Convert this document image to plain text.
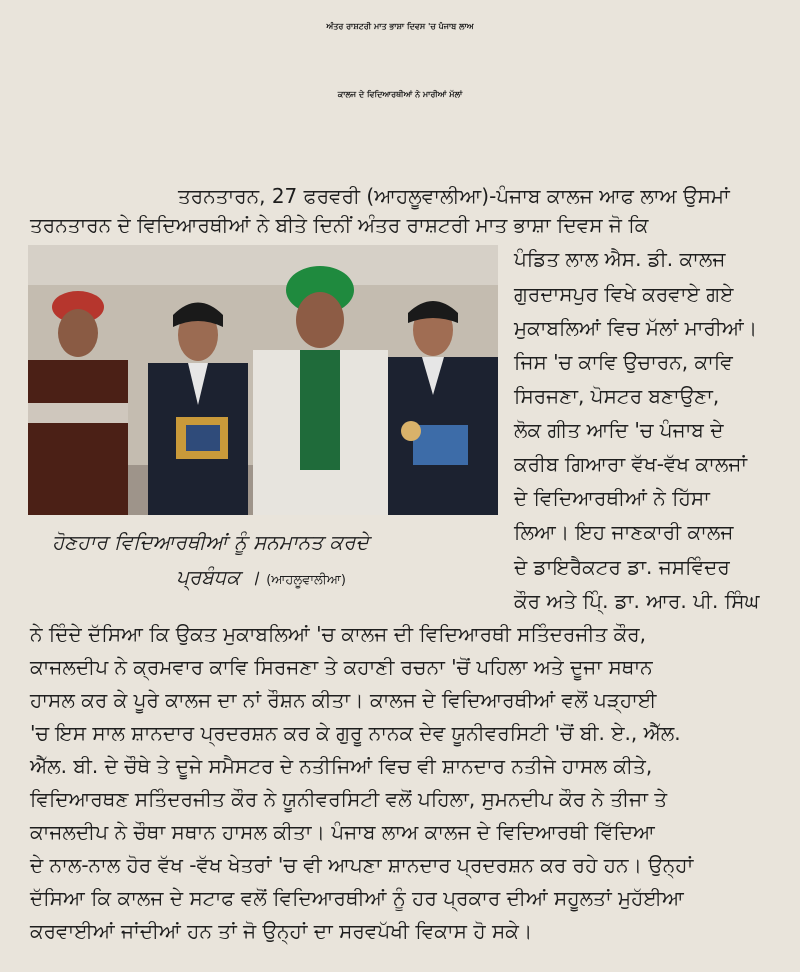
ਅੰਤਰ ਰਾਸ਼ਟਰੀ ਮਾਤ ਭਾਸ਼ਾ ਦਿਵਸ 'ਚ ਪੰਜਾਬ ਲਾਅ
ਕਾਲਜ ਦੇ ਵਿਦਿਆਰਥੀਆਂ ਨੇ ਮਾਰੀਆਂ ਮੱਲਾਂ
ਤਰਨਤਾਰਨ, 27 ਫਰਵਰੀ (ਆਹਲੂਵਾਲੀਆ)-ਪੰਜਾਬ ਕਾਲਜ ਆਫ ਲਾਅ ਉਸਮਾਂ
ਤਰਨਤਾਰਨ ਦੇ ਵਿਦਿਆਰਥੀਆਂ ਨੇ ਬੀਤੇ ਦਿਨੀਂ ਅੰਤਰ ਰਾਸ਼ਟਰੀ ਮਾਤ ਭਾਸ਼ਾ ਦਿਵਸ ਜੋ ਕਿ
ਪੰਡਿਤ ਲਾਲ ਐਸ. ਡੀ. ਕਾਲਜ
ਗੁਰਦਾਸਪੁਰ ਵਿਖੇ ਕਰਵਾਏ ਗਏ
ਮੁਕਾਬਲਿਆਂ ਵਿਚ ਮੱਲਾਂ ਮਾਰੀਆਂ।
ਜਿਸ 'ਚ ਕਾਵਿ ਉਚਾਰਨ, ਕਾਵਿ
ਸਿਰਜਣਾ, ਪੋਸਟਰ ਬਣਾਉਣਾ,
ਲੋਕ ਗੀਤ ਆਦਿ 'ਚ ਪੰਜਾਬ ਦੇ
ਕਰੀਬ ਗਿਆਰਾ ਵੱਖ-ਵੱਖ ਕਾਲਜਾਂ
ਦੇ ਵਿਦਿਆਰਥੀਆਂ ਨੇ ਹਿੱਸਾ
ਲਿਆ। ਇਹ ਜਾਣਕਾਰੀ ਕਾਲਜ
ਦੇ ਡਾਇਰੈਕਟਰ ਡਾ. ਜਸਵਿੰਦਰ
ਕੌਰ ਅਤੇ ਪਿ੍ੰ. ਡਾ. ਆਰ. ਪੀ. ਸਿੰਘ
ਹੋਣਹਾਰ ਵਿਦਿਆਰਥੀਆਂ ਨੂੰ ਸਨਮਾਨਤ ਕਰਦੇ
ਪ੍ਰਬੰਧਕ । (ਆਹਲੂਵਾਲੀਆ)
ਨੇ ਦਿੰਦੇ ਦੱਸਿਆ ਕਿ ਉਕਤ ਮੁਕਾਬਲਿਆਂ 'ਚ ਕਾਲਜ ਦੀ ਵਿਦਿਆਰਥੀ ਸਤਿੰਦਰਜੀਤ ਕੌਰ,
ਕਾਜਲਦੀਪ ਨੇ ਕ੍ਰਮਵਾਰ ਕਾਵਿ ਸਿਰਜਣਾ ਤੇ ਕਹਾਣੀ ਰਚਨਾ 'ਚੋਂ ਪਹਿਲਾ ਅਤੇ ਦੂਜਾ ਸਥਾਨ
ਹਾਸਲ ਕਰ ਕੇ ਪੂਰੇ ਕਾਲਜ ਦਾ ਨਾਂ ਰੌਸ਼ਨ ਕੀਤਾ। ਕਾਲਜ ਦੇ ਵਿਦਿਆਰਥੀਆਂ ਵਲੋਂ ਪੜ੍ਹਾਈ
'ਚ ਇਸ ਸਾਲ ਸ਼ਾਨਦਾਰ ਪ੍ਰਦਰਸ਼ਨ ਕਰ ਕੇ ਗੁਰੂ ਨਾਨਕ ਦੇਵ ਯੂਨੀਵਰਸਿਟੀ 'ਚੋਂ ਬੀ. ਏ., ਐੱਲ.
ਐੱਲ. ਬੀ. ਦੇ ਚੌਥੇ ਤੇ ਦੂਜੇ ਸਮੈਸਟਰ ਦੇ ਨਤੀਜਿਆਂ ਵਿਚ ਵੀ ਸ਼ਾਨਦਾਰ ਨਤੀਜੇ ਹਾਸਲ ਕੀਤੇ,
ਵਿਦਿਆਰਥਣ ਸਤਿੰਦਰਜੀਤ ਕੌਰ ਨੇ ਯੂਨੀਵਰਸਿਟੀ ਵਲੋਂ ਪਹਿਲਾ, ਸੁਮਨਦੀਪ ਕੌਰ ਨੇ ਤੀਜਾ ਤੇ
ਕਾਜਲਦੀਪ ਨੇ ਚੌਥਾ ਸਥਾਨ ਹਾਸਲ ਕੀਤਾ। ਪੰਜਾਬ ਲਾਅ ਕਾਲਜ ਦੇ ਵਿਦਿਆਰਥੀ ਵਿੱਦਿਆ
ਦੇ ਨਾਲ-ਨਾਲ ਹੋਰ ਵੱਖ -ਵੱਖ ਖੇਤਰਾਂ 'ਚ ਵੀ ਆਪਣਾ ਸ਼ਾਨਦਾਰ ਪ੍ਰਦਰਸ਼ਨ ਕਰ ਰਹੇ ਹਨ। ਉਨ੍ਹਾਂ
ਦੱਸਿਆ ਕਿ ਕਾਲਜ ਦੇ ਸਟਾਫ ਵਲੋਂ ਵਿਦਿਆਰਥੀਆਂ ਨੂੰ ਹਰ ਪ੍ਰਕਾਰ ਦੀਆਂ ਸਹੂਲਤਾਂ ਮੁਹੱਈਆ
ਕਰਵਾਈਆਂ ਜਾਂਦੀਆਂ ਹਨ ਤਾਂ ਜੋ ਉਨ੍ਹਾਂ ਦਾ ਸਰਵਪੱਖੀ ਵਿਕਾਸ ਹੋ ਸਕੇ।
